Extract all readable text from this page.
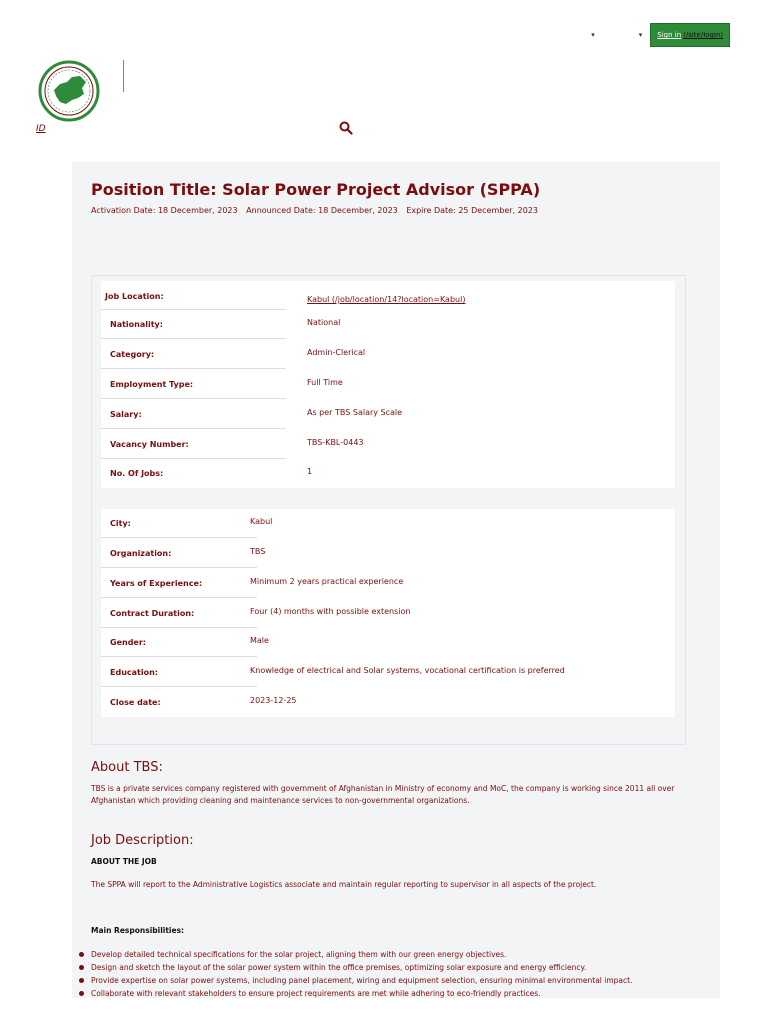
▾	▾ Sign in (/site/login)
ID
Position Title: Solar Power Project Advisor (SPPA)
Activation Date: 18 December, 2023 Announced Date: 18 December, 2023 Expire Date: 25 December, 2023
Job Location:	Kabul (/job/location/14?location=Kabul)
Nationality:	National
Category:	Admin-Clerical
Employment Type:	Full Time
Salary:	As per TBS Salary Scale
Vacancy Number:	TBS-KBL-0443
No. Of Jobs:	1
City:	Kabul
Organization:	TBS
Years of Experience:	Minimum 2 years practical experience
Contract Duration:	Four (4) months with possible extension
Gender:	Male
Education:	Knowledge of electrical and Solar systems, vocational certification is preferred
Close date:	2023-12-25
About TBS:
TBS is a private services company registered with government of Afghanistan in Ministry of economy and MoC, the company is working since 2011 all over Afghanistan which providing cleaning and maintenance services to non-governmental organizations.
Job Description:
ABOUT THE JOB
The SPPA will report to the Administrative Logistics associate and maintain regular reporting to supervisor in all aspects of the project.
Main Responsibilities:
Develop detailed technical specifications for the solar project, aligning them with our green energy objectives.
Design and sketch the layout of the solar power system within the office premises, optimizing solar exposure and energy efficiency.
Provide expertise on solar power systems, including panel placement, wiring and equipment selection, ensuring minimal environmental impact.
Collaborate with relevant stakeholders to ensure project requirements are met while adhering to eco-friendly practices.
